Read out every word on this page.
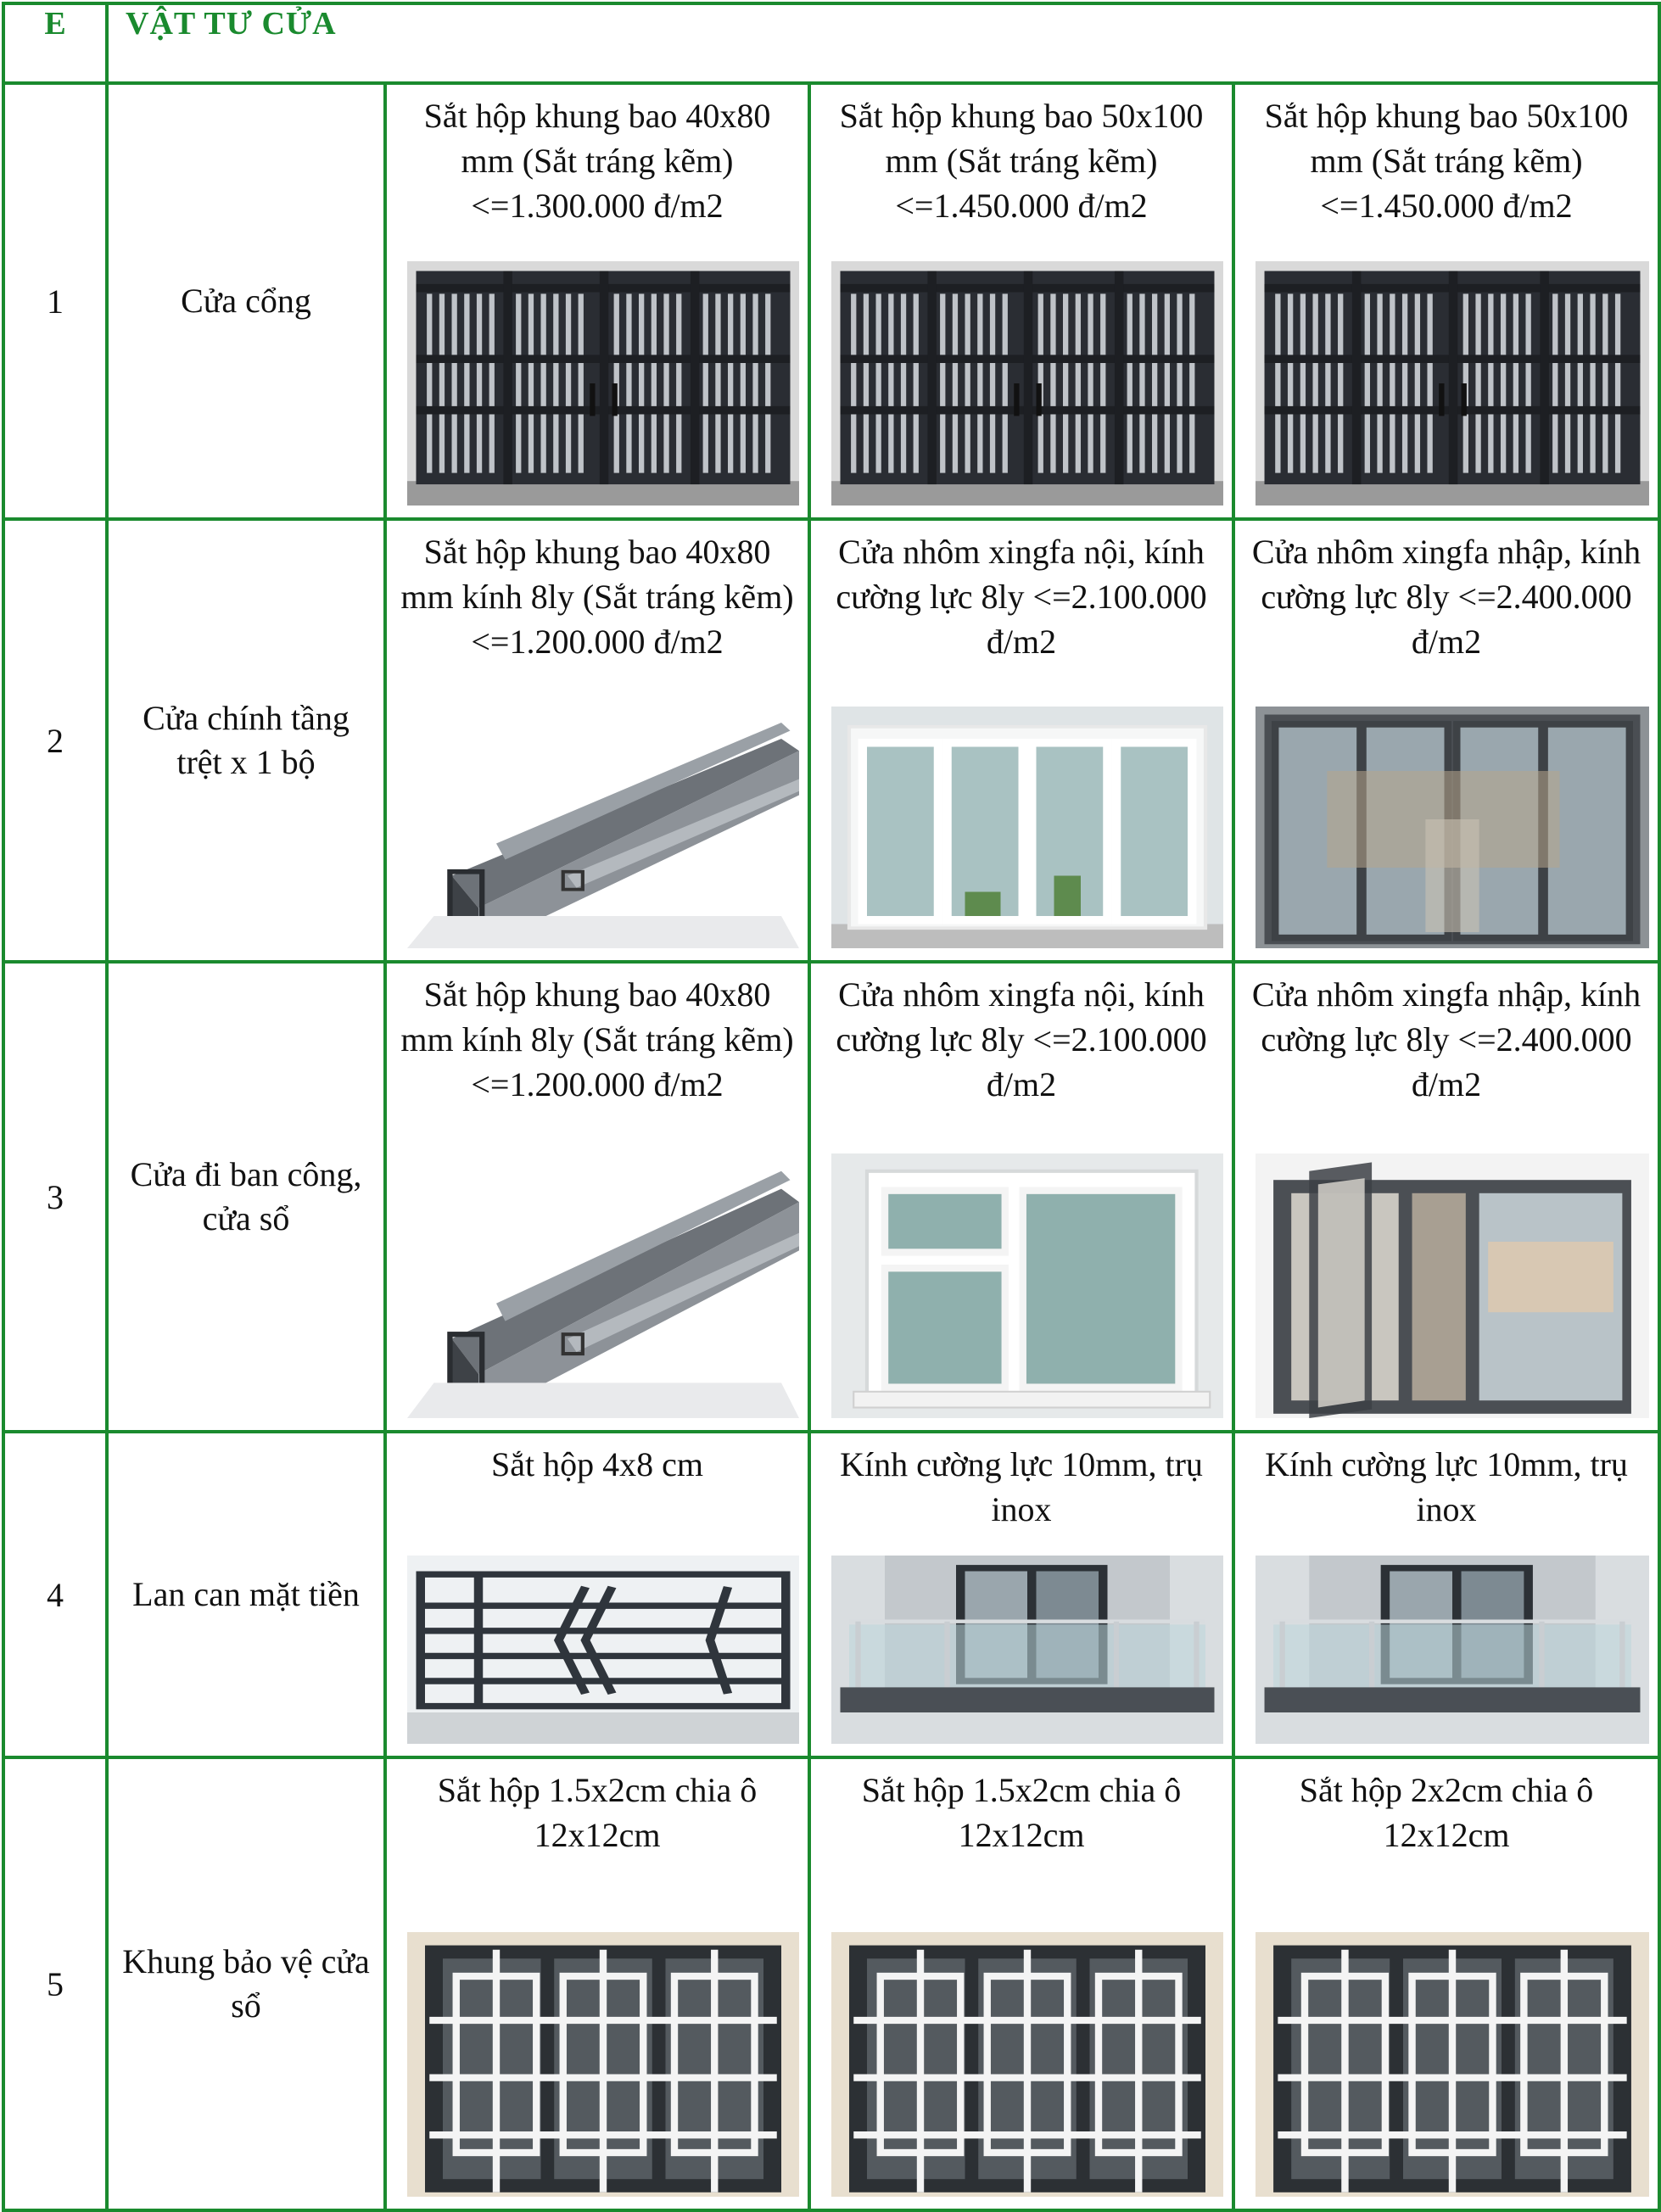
E	VẬT TƯ CỬA			
1	Cửa cổng	Sắt hộp khung bao 40x80 mm (Sắt tráng kẽm) <=1.300.000 đ/m2	Sắt hộp khung bao 50x100 mm (Sắt tráng kẽm) <=1.450.000 đ/m2	Sắt hộp khung bao 50x100 mm (Sắt tráng kẽm) <=1.450.000 đ/m2

2	Cửa chính tầng trệt x 1 bộ	Sắt hộp khung bao 40x80 mm kính 8ly (Sắt tráng kẽm) <=1.200.000 đ/m2	Cửa nhôm xingfa nội, kính cường lực 8ly <=2.100.000 đ/m2	Cửa nhôm xingfa nhập, kính cường lực 8ly <=2.400.000 đ/m2

3	Cửa đi ban công, cửa sổ	Sắt hộp khung bao 40x80 mm kính 8ly (Sắt tráng kẽm) <=1.200.000 đ/m2	Cửa nhôm xingfa nội, kính cường lực 8ly <=2.100.000 đ/m2	Cửa nhôm xingfa nhập, kính cường lực 8ly <=2.400.000 đ/m2

4	Lan can mặt tiền	Sắt hộp 4x8 cm	Kính cường lực 10mm, trụ inox	Kính cường lực 10mm, trụ inox

5	Khung bảo vệ cửa sổ	Sắt hộp 1.5x2cm chia ô 12x12cm	Sắt hộp 1.5x2cm chia ô 12x12cm	Sắt hộp 2x2cm chia ô 12x12cm
